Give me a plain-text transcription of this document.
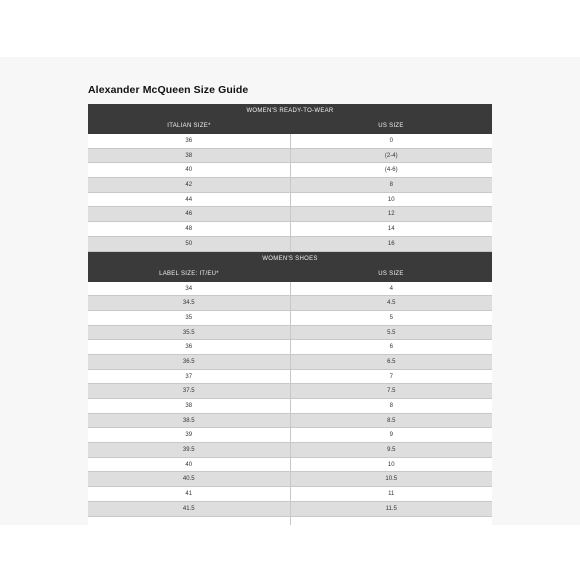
Alexander McQueen Size Guide
WOMEN'S READY-TO-WEAR
ITALIAN SIZE*	US SIZE
36	0
38	(2-4)
40	(4-6)
42	8
44	10
46	12
48	14
50	16
WOMEN'S SHOES
LABEL SIZE: IT/EU*	US SIZE
34	4
34.5	4.5
35	5
35.5	5.5
36	6
36.5	6.5
37	7
37.5	7.5
38	8
38.5	8.5
39	9
39.5	9.5
40	10
40.5	10.5
41	11
41.5	11.5
